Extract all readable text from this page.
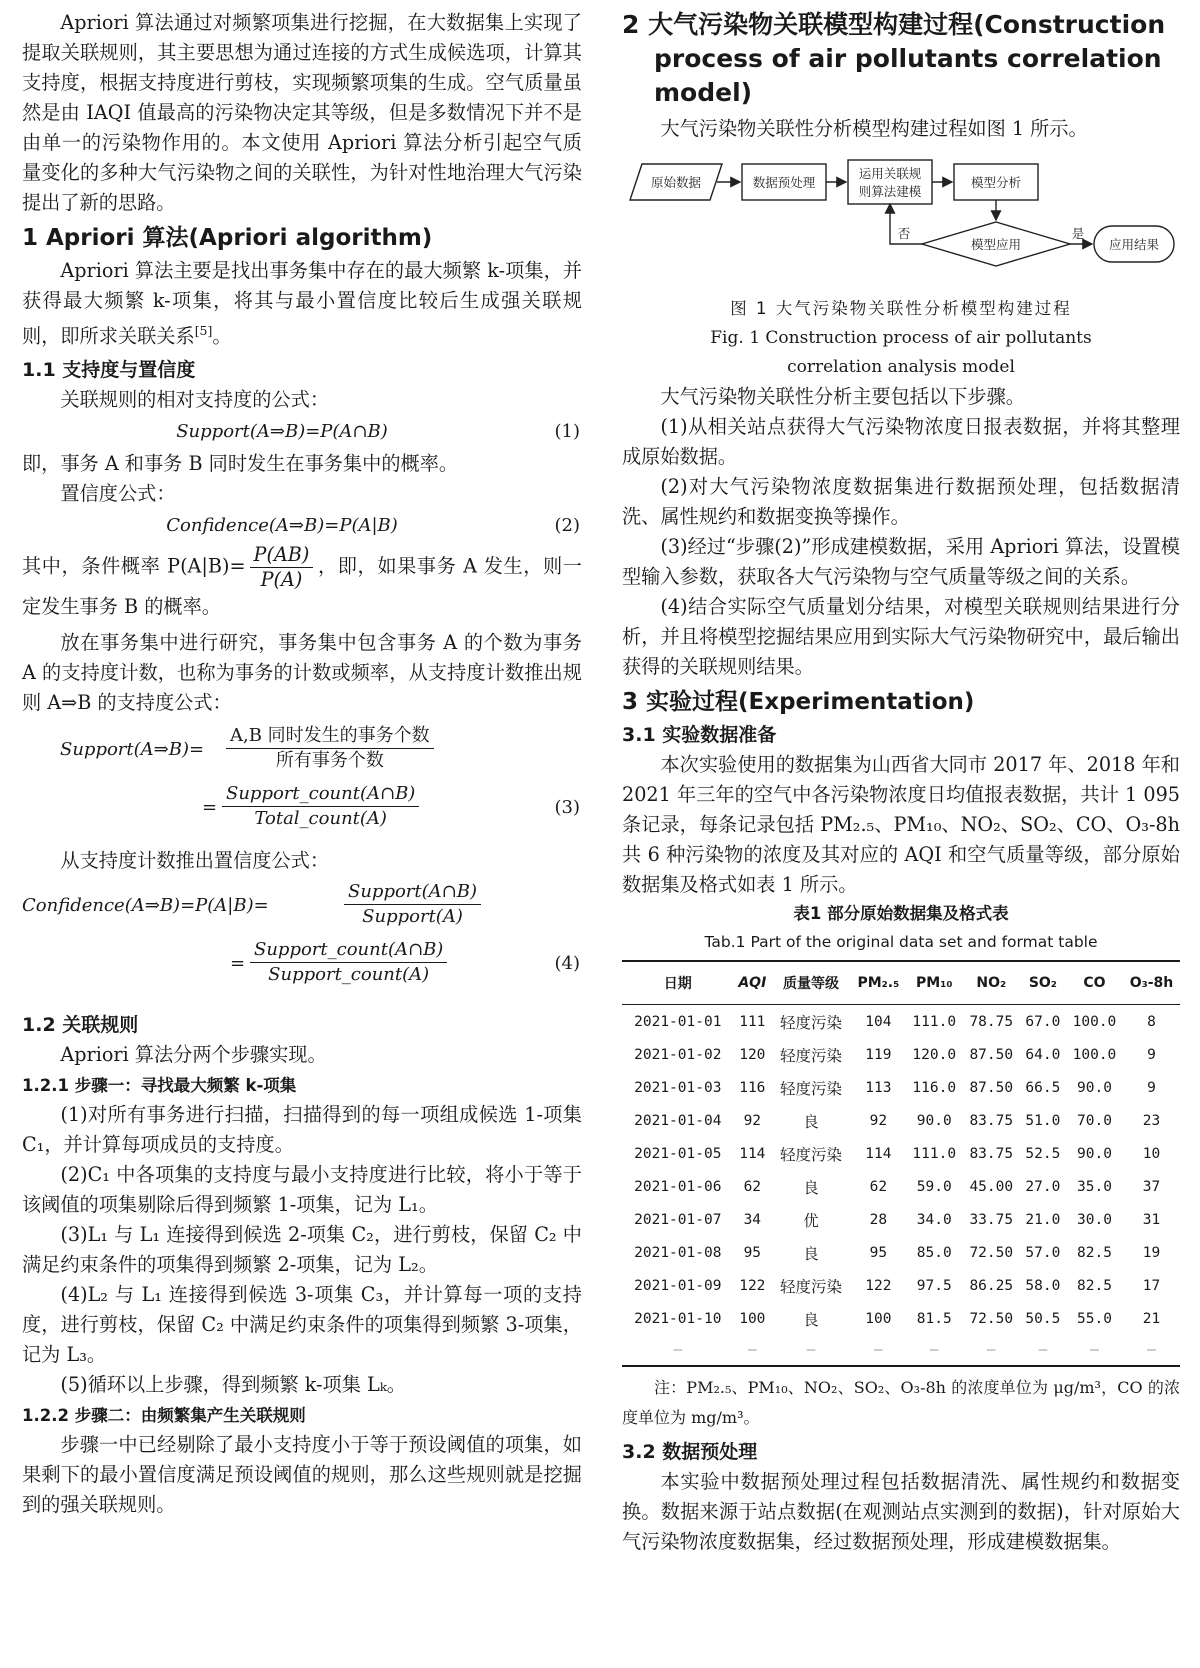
Apriori 算法通过对频繁项集进行挖掘，在大数据集上实现了提取关联规则，其主要思想为通过连接的方式生成候选项，计算其支持度，根据支持度进行剪枝，实现频繁项集的生成。空气质量虽然是由 IAQI 值最高的污染物决定其等级，但是多数情况下并不是由单一的污染物作用的。本文使用 Apriori 算法分析引起空气质量变化的多种大气污染物之间的关联性，为针对性地治理大气污染提出了新的思路。

1 Apriori 算法(Apriori algorithm)

Apriori 算法主要是找出事务集中存在的最大频繁 k-项集，并获得最大频繁 k-项集，将其与最小置信度比较后生成强关联规则，即所求关联关系[5]。

1.1 支持度与置信度

关联规则的相对支持度的公式：

Support(A⇒B)=P(A∩B)	(1)

即，事务 A 和事务 B 同时发生在事务集中的概率。

置信度公式：

Confidence(A⇒B)=P(A|B)	(2)

其中，条件概率 $P(A|B)= \frac{P(AB)}{P(A)}$ ，即，如果事务 A 发生，则一定发生事务 B 的概率。

放在事务集中进行研究，事务集中包含事务 A 的个数为事务 A 的支持度计数，也称为事务的计数或频率，从支持度计数推出规则 A⇒B 的支持度公式：

Support(A⇒B)=
A,B 同时发生的事务个数
所有事务个数
=
Support_count(A∩B)
Total_count(A)
(3)

从支持度计数推出置信度公式：

Confidence(A⇒B)=P(A|B)=
Support(A∩B)
Support(A)
=
Support_count(A∩B)
Support_count(A)
(4)
1.2 关联规则

Apriori 算法分两个步骤实现。

1.2.1 步骤一：寻找最大频繁 k-项集

(1)对所有事务进行扫描，扫描得到的每一项组成候选 1-项集 C₁，并计算每项成员的支持度。

(2)C₁ 中各项集的支持度与最小支持度进行比较，将小于等于该阈值的项集剔除后得到频繁 1-项集，记为 L₁。

(3)L₁ 与 L₁ 连接得到候选 2-项集 C₂，进行剪枝，保留 C₂ 中满足约束条件的项集得到频繁 2-项集，记为 L₂。

(4)L₂ 与 L₁ 连接得到候选 3-项集 C₃，并计算每一项的支持度，进行剪枝，保留 C₂ 中满足约束条件的项集得到频繁 3-项集，记为 L₃。

(5)循环以上步骤，得到频繁 k-项集 Lₖ。

1.2.2 步骤二：由频繁集产生关联规则

步骤一中已经剔除了最小支持度小于等于预设阈值的项集，如果剩下的最小置信度满足预设阈值的规则，那么这些规则就是挖掘到的强关联规则。

2 大气污染物关联模型构建过程(Construction
process of air pollutants correlation model)

大气污染物关联性分析模型构建过程如图 1 所示。

原始数据	数据预处理
运用关联规
则算法建模
模型分析
模型应用
否	是
应用结果
图 1 大气污染物关联性分析模型构建过程
Fig. 1 Construction process of air pollutants
correlation analysis model

大气污染物关联性分析主要包括以下步骤。

(1)从相关站点获得大气污染物浓度日报表数据，并将其整理成原始数据。

(2)对大气污染物浓度数据集进行数据预处理，包括数据清洗、属性规约和数据变换等操作。

(3)经过“步骤(2)”形成建模数据，采用 Apriori 算法，设置模型输入参数，获取各大气污染物与空气质量等级之间的关系。

(4)结合实际空气质量划分结果，对模型关联规则结果进行分析，并且将模型挖掘结果应用到实际大气污染物研究中，最后输出获得的关联规则结果。

3 实验过程(Experimentation)
3.1 实验数据准备

本次实验使用的数据集为山西省大同市 2017 年、2018 年和 2021 年三年的空气中各污染物浓度日均值报表数据，共计 1 095 条记录，每条记录包括 PM₂.₅、PM₁₀、NO₂、SO₂、CO、O₃-8h 共 6 种污染物的浓度及其对应的 AQI 和空气质量等级，部分原始数据集及格式如表 1 所示。

表1 部分原始数据集及格式表
Tab.1 Part of the original data set and format table
日期	AQI	质量等级	PM₂.₅	PM₁₀	NO₂	SO₂	CO	O₃-8h
2021-01-01	111	轻度污染	104	111.0	78.75	67.0	100.0	8
2021-01-02	120	轻度污染	119	120.0	87.50	64.0	100.0	9
2021-01-03	116	轻度污染	113	116.0	87.50	66.5	90.0	9
2021-01-04	92	良	92	90.0	83.75	51.0	70.0	23
2021-01-05	114	轻度污染	114	111.0	83.75	52.5	90.0	10
2021-01-06	62	良	62	59.0	45.00	27.0	35.0	37
2021-01-07	34	优	28	34.0	33.75	21.0	30.0	31
2021-01-08	95	良	95	85.0	72.50	57.0	82.5	19
2021-01-09	122	轻度污染	122	97.5	86.25	58.0	82.5	17
2021-01-10	100	良	100	81.5	72.50	50.5	55.0	21
—	—	—	—	—	—	—	—	—

注：PM₂.₅、PM₁₀、NO₂、SO₂、O₃-8h 的浓度单位为 μg/m³，CO 的浓度单位为 mg/m³。

3.2 数据预处理

本实验中数据预处理过程包括数据清洗、属性规约和数据变换。数据来源于站点数据(在观测站点实测到的数据)，针对原始大气污染物浓度数据集，经过数据预处理，形成建模数据集。
